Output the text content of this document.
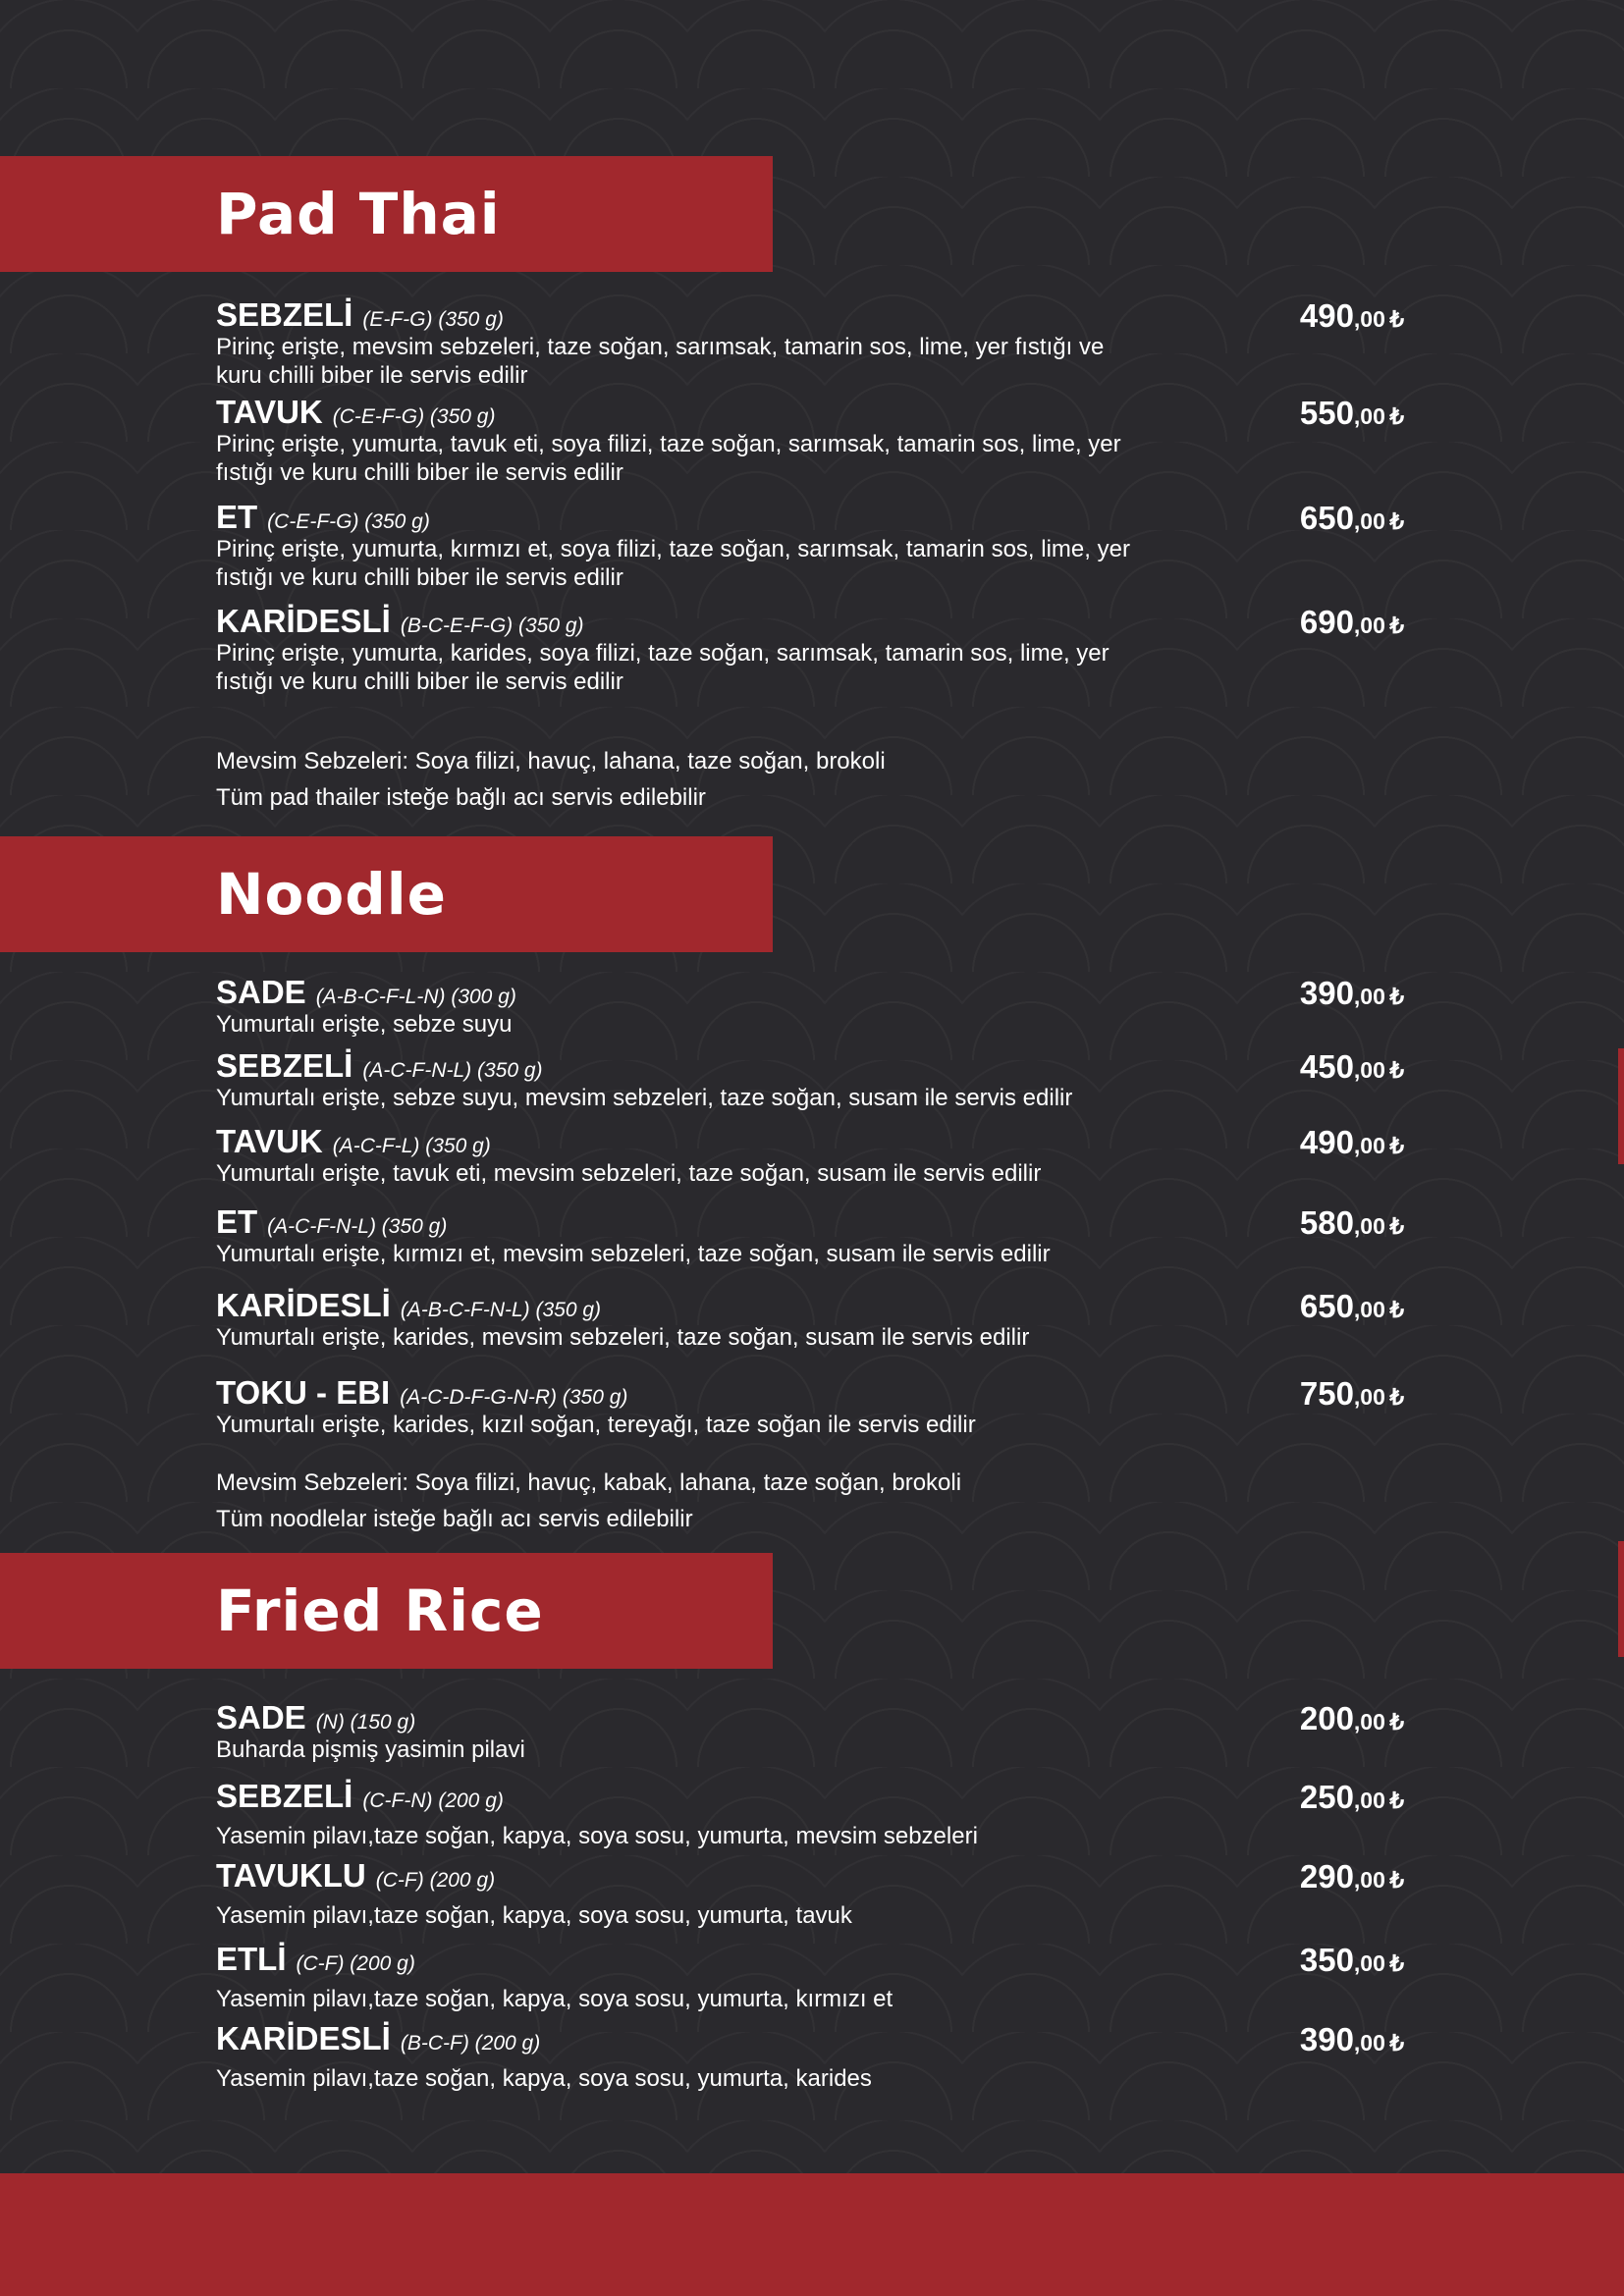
Pad Thai
SEBZELİ (E-F-G) (350 g)	490,00 ₺

Pirinç erişte, mevsim sebzeleri, taze soğan, sarımsak, tamarin sos, lime, yer fıstığı ve kuru chilli biber ile servis edilir

TAVUK (C-E-F-G) (350 g)	550,00 ₺

Pirinç erişte, yumurta, tavuk eti, soya filizi, taze soğan, sarımsak, tamarin sos, lime, yer fıstığı ve kuru chilli biber ile servis edilir

ET (C-E-F-G) (350 g)	650,00 ₺

Pirinç erişte, yumurta, kırmızı et, soya filizi, taze soğan, sarımsak, tamarin sos, lime, yer fıstığı ve kuru chilli biber ile servis edilir

KARİDESLİ (B-C-E-F-G) (350 g)	690,00 ₺

Pirinç erişte, yumurta, karides, soya filizi, taze soğan, sarımsak, tamarin sos, lime, yer fıstığı ve kuru chilli biber ile servis edilir

Mevsim Sebzeleri: Soya filizi, havuç, lahana, taze soğan, brokoli

Tüm pad thailer isteğe bağlı acı servis edilebilir

Noodle
SADE (A-B-C-F-L-N) (300 g)	390,00 ₺

Yumurtalı erişte, sebze suyu

SEBZELİ (A-C-F-N-L) (350 g)	450,00 ₺

Yumurtalı erişte, sebze suyu, mevsim sebzeleri, taze soğan, susam ile servis edilir

TAVUK (A-C-F-L) (350 g)	490,00 ₺

Yumurtalı erişte, tavuk eti, mevsim sebzeleri, taze soğan, susam ile servis edilir

ET (A-C-F-N-L) (350 g)	580,00 ₺

Yumurtalı erişte, kırmızı et, mevsim sebzeleri, taze soğan, susam ile servis edilir

KARİDESLİ (A-B-C-F-N-L) (350 g)	650,00 ₺

Yumurtalı erişte, karides, mevsim sebzeleri, taze soğan, susam ile servis edilir

TOKU - EBI (A-C-D-F-G-N-R) (350 g)	750,00 ₺

Yumurtalı erişte, karides, kızıl soğan, tereyağı, taze soğan ile servis edilir

Mevsim Sebzeleri: Soya filizi, havuç, kabak, lahana, taze soğan, brokoli

Tüm noodlelar isteğe bağlı acı servis edilebilir

Fried Rice
SADE (N) (150 g)	200,00 ₺

Buharda pişmiş yasimin pilavi

SEBZELİ (C-F-N) (200 g)	250,00 ₺

Yasemin pilavı,taze soğan, kapya, soya sosu, yumurta, mevsim sebzeleri

TAVUKLU (C-F) (200 g)	290,00 ₺

Yasemin pilavı,taze soğan, kapya, soya sosu, yumurta, tavuk

ETLİ (C-F) (200 g)	350,00 ₺

Yasemin pilavı,taze soğan, kapya, soya sosu, yumurta, kırmızı et

KARİDESLİ (B-C-F) (200 g)	390,00 ₺

Yasemin pilavı,taze soğan, kapya, soya sosu, yumurta, karides
